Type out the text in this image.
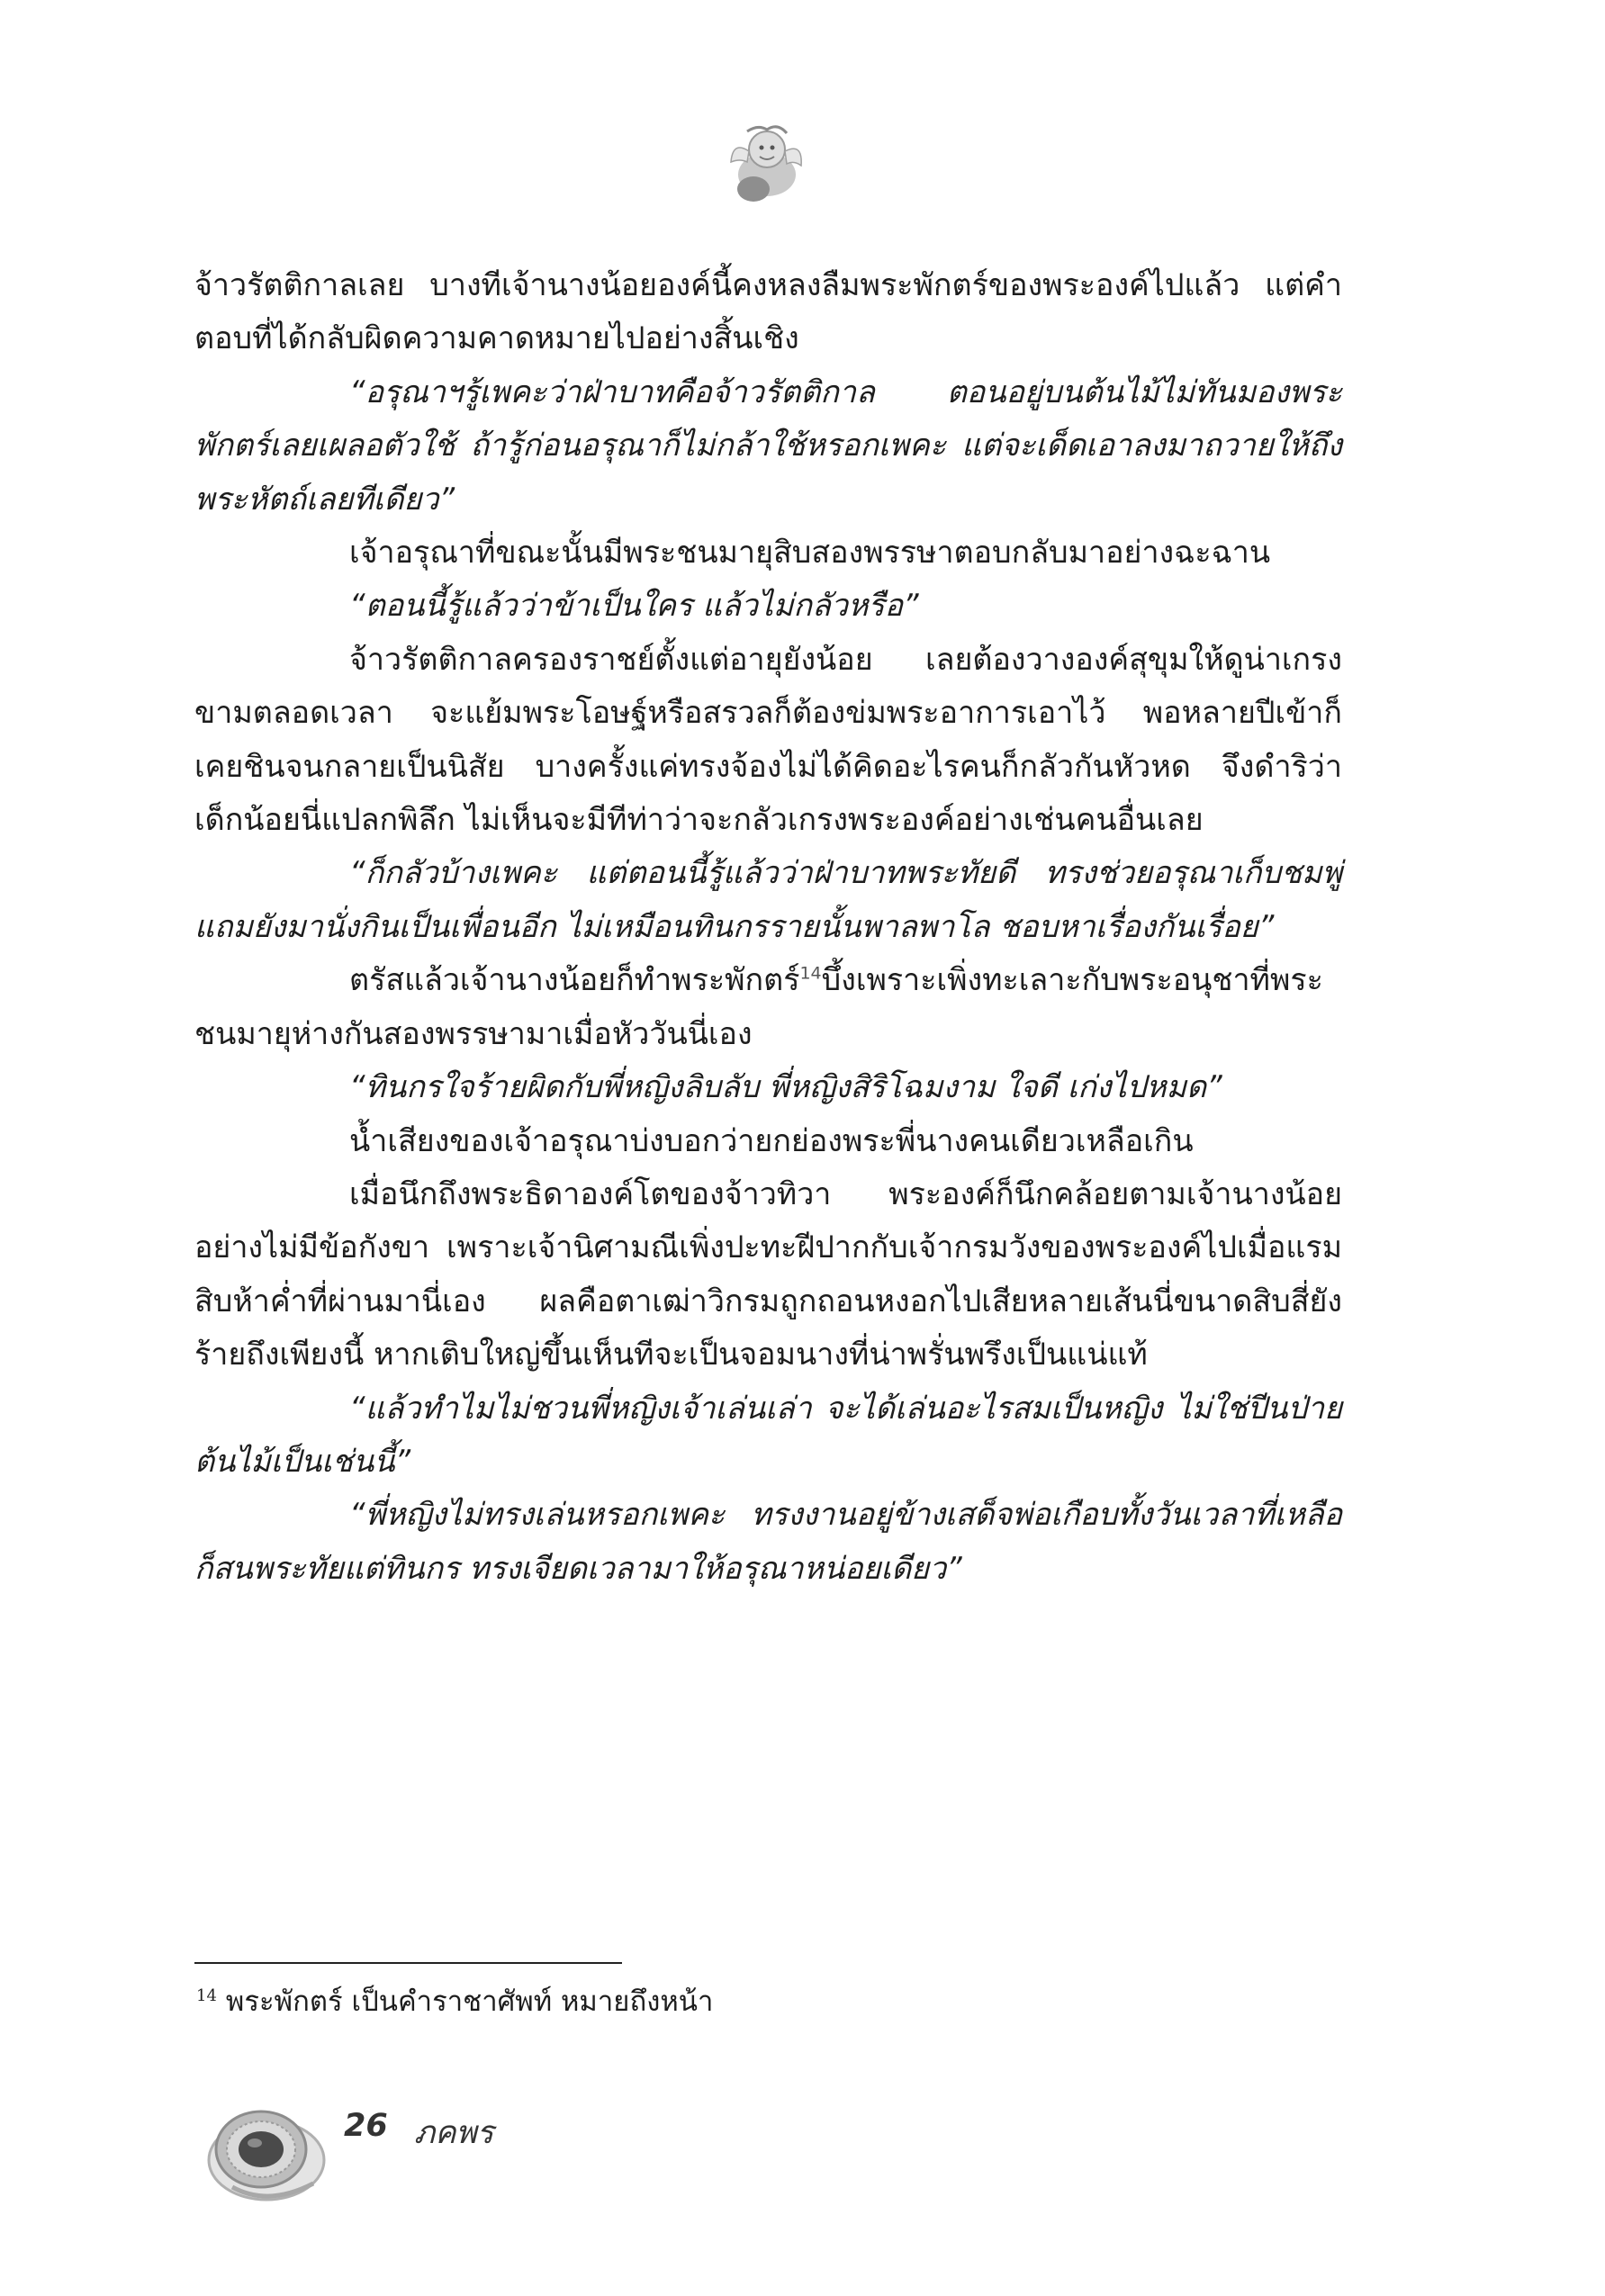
จ้าวรัตติกาลเลย บางทีเจ้านางน้อยองค์นี้คงหลงลืมพระพักตร์ของพระองค์ไปแล้ว แต่คำตอบที่ได้กลับผิดความคาดหมายไปอย่างสิ้นเชิง

“อรุณาฯรู้เพคะว่าฝ่าบาทคือจ้าวรัตติกาล ตอนอยู่บนต้นไม้ไม่ทันมองพระพักตร์เลยเผลอตัวใช้ ถ้ารู้ก่อนอรุณาก็ไม่กล้าใช้หรอกเพคะ แต่จะเด็ดเอาลงมาถวายให้ถึงพระหัตถ์เลยทีเดียว”

เจ้าอรุณาที่ขณะนั้นมีพระชนมายุสิบสองพรรษาตอบกลับมาอย่างฉะฉาน

“ตอนนี้รู้แล้วว่าข้าเป็นใคร แล้วไม่กลัวหรือ”

จ้าวรัตติกาลครองราชย์ตั้งแต่อายุยังน้อย เลยต้องวางองค์สุขุมให้ดูน่าเกรงขามตลอดเวลา จะแย้มพระโอษฐ์หรือสรวลก็ต้องข่มพระอาการเอาไว้ พอหลายปีเข้าก็เคยชินจนกลายเป็นนิสัย บางครั้งแค่ทรงจ้องไม่ได้คิดอะไรคนก็กลัวกันหัวหด จึงดำริว่าเด็กน้อยนี่แปลกพิลึก ไม่เห็นจะมีทีท่าว่าจะกลัวเกรงพระองค์อย่างเช่นคนอื่นเลย

“ก็กลัวบ้างเพคะ แต่ตอนนี้รู้แล้วว่าฝ่าบาทพระทัยดี ทรงช่วยอรุณาเก็บชมพู่แถมยังมานั่งกินเป็นเพื่อนอีก ไม่เหมือนทินกรรายนั้นพาลพาโล ชอบหาเรื่องกันเรื่อย”

ตรัสแล้วเจ้านางน้อยก็ทำพระพักตร์$^{14}$บึ้งเพราะเพิ่งทะเลาะกับพระอนุชาที่พระชนมายุห่างกันสองพรรษามาเมื่อหัววันนี่เอง

“ทินกรใจร้ายผิดกับพี่หญิงลิบลับ พี่หญิงสิริโฉมงาม ใจดี เก่งไปหมด”

น้ำเสียงของเจ้าอรุณาบ่งบอกว่ายกย่องพระพี่นางคนเดียวเหลือเกิน

เมื่อนึกถึงพระธิดาองค์โตของจ้าวทิวา พระองค์ก็นึกคล้อยตามเจ้านางน้อยอย่างไม่มีข้อกังขา เพราะเจ้านิศามณีเพิ่งปะทะฝีปากกับเจ้ากรมวังของพระองค์ไปเมื่อแรมสิบห้าค่ำที่ผ่านมานี่เอง ผลคือตาเฒ่าวิกรมถูกถอนหงอกไปเสียหลายเส้นนี่ขนาดสิบสี่ยังร้ายถึงเพียงนี้ หากเติบใหญ่ขึ้นเห็นทีจะเป็นจอมนางที่น่าพรั่นพรึงเป็นแน่แท้

“แล้วทำไมไม่ชวนพี่หญิงเจ้าเล่นเล่า จะได้เล่นอะไรสมเป็นหญิง ไม่ใช่ปีนป่ายต้นไม้เป็นเช่นนี้”

“พี่หญิงไม่ทรงเล่นหรอกเพคะ ทรงงานอยู่ข้างเสด็จพ่อเกือบทั้งวันเวลาที่เหลือก็สนพระทัยแต่ทินกร ทรงเจียดเวลามาให้อรุณาหน่อยเดียว”

$^{14}$ พระพักตร์ เป็นคำราชาศัพท์ หมายถึงหน้า
26 ภคพร
